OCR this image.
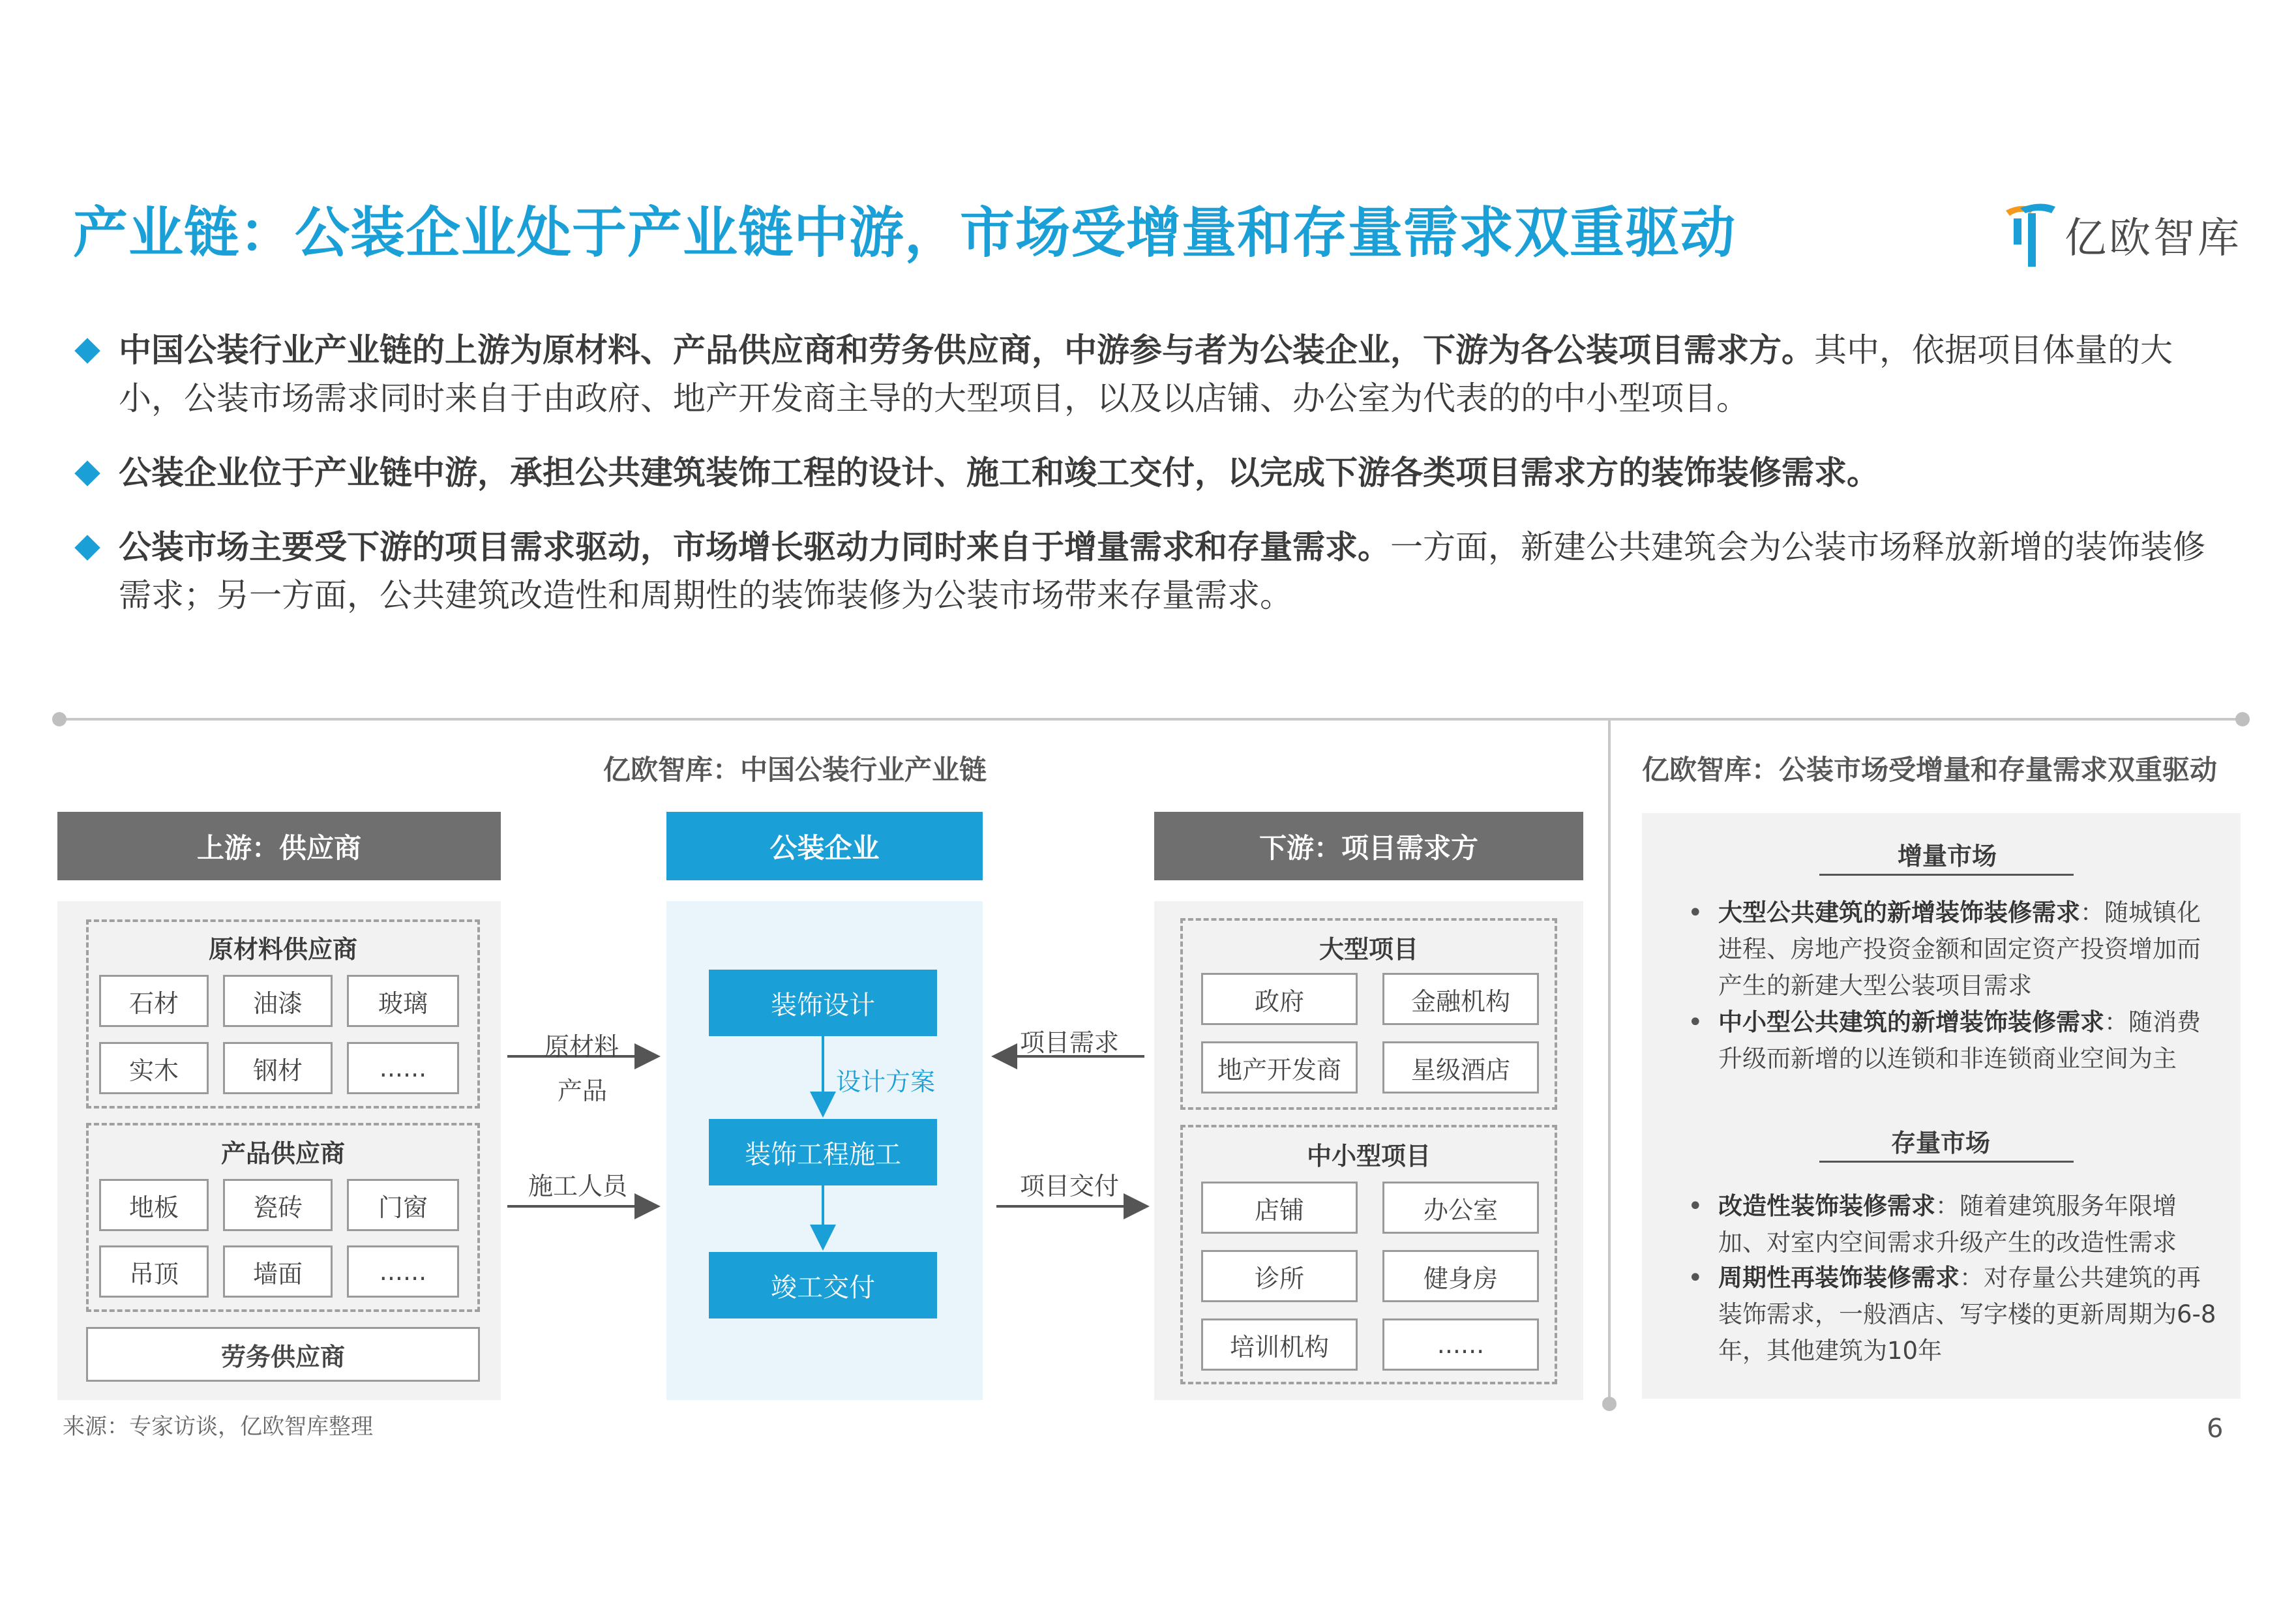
产业链：公装企业处于产业链中游，市场受增量和存量需求双重驱动	亿欧智库
中国公装行业产业链的上游为原材料、产品供应商和劳务供应商，中游参与者为公装企业，下游为各公装项目需求方。其中，依据项目体量的大小，公装市场需求同时来自于由政府、地产开发商主导的大型项目，以及以店铺、办公室为代表的的中小型项目。
公装企业位于产业链中游，承担公共建筑装饰工程的设计、施工和竣工交付，以完成下游各类项目需求方的装饰装修需求。
公装市场主要受下游的项目需求驱动，市场增长驱动力同时来自于增量需求和存量需求。一方面，新建公共建筑会为公装市场释放新增的装饰装修需求；另一方面，公共建筑改造性和周期性的装饰装修为公装市场带来存量需求。
亿欧智库：中国公装行业产业链
上游：供应商	公装企业	下游：项目需求方
原材料供应商
石材	油漆	玻璃
实木	钢材	......
产品供应商
地板	瓷砖	门窗
吊顶	墙面	......
劳务供应商
装饰设计
装饰工程施工
竣工交付
设计方案
大型项目
政府	金融机构
地产开发商	星级酒店
中小型项目
店铺	办公室
诊所	健身房
培训机构	......
原材料
产品
施工人员
项目需求
项目交付
亿欧智库：公装市场受增量和存量需求双重驱动
增量市场
• 大型公共建筑的新增装饰装修需求：随城镇化进程、房地产投资金额和固定资产投资增加而产生的新建大型公装项目需求
• 中小型公共建筑的新增装饰装修需求：随消费升级而新增的以连锁和非连锁商业空间为主
存量市场
• 改造性装饰装修需求：随着建筑服务年限增加、对室内空间需求升级产生的改造性需求
• 周期性再装饰装修需求：对存量公共建筑的再装饰需求，一般酒店、写字楼的更新周期为6-8年，其他建筑为10年
来源：专家访谈，亿欧智库整理	6
